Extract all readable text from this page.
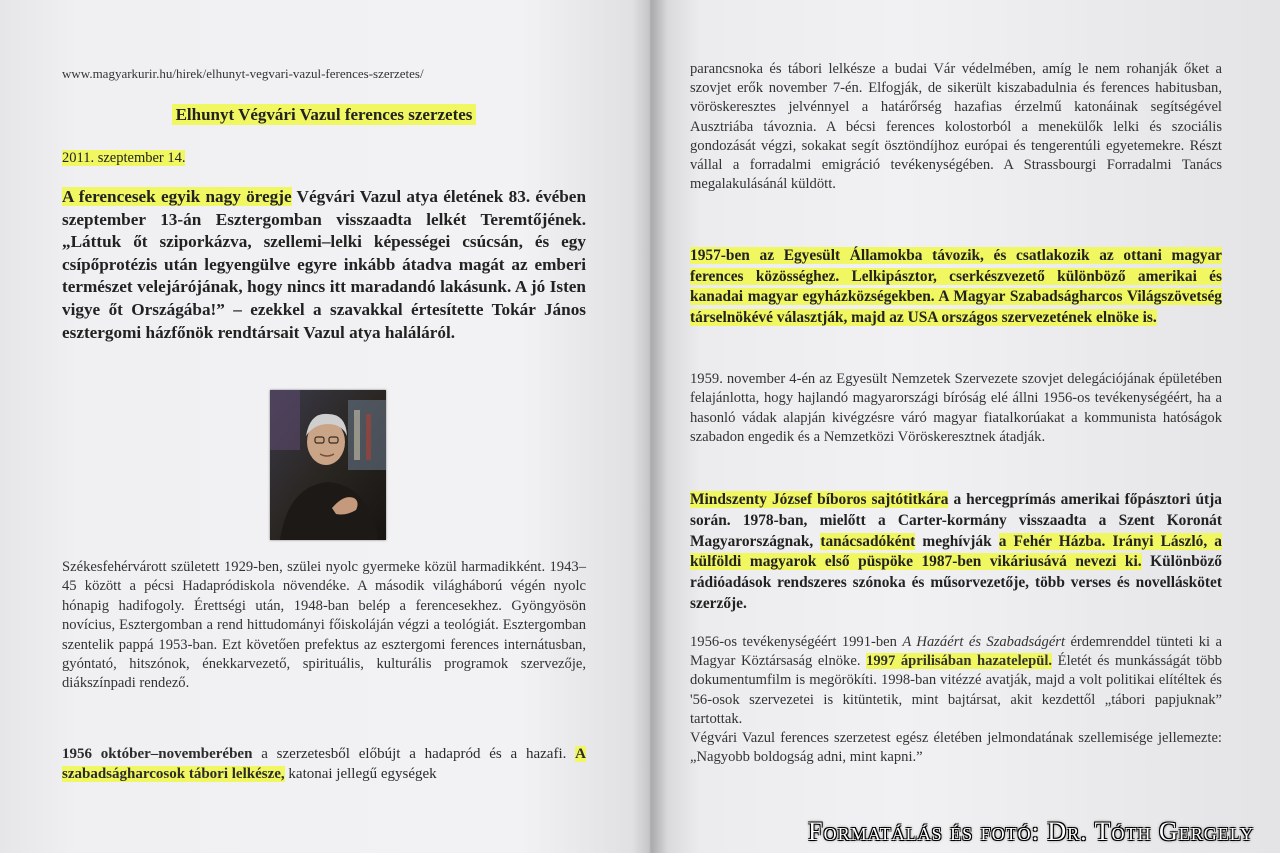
www.magyarkurir.hu/hirek/elhunyt-vegvari-vazul-ferences-szerzetes/
Elhunyt Végvári Vazul ferences szerzetes
2011. szeptember 14.

A ferencesek egyik nagy öregje Végvári Vazul atya életének 83. évében szeptember 13-án Esztergomban visszaadta lelkét Teremtőjének. „Láttuk őt sziporkázva, szellemi–lelki képességei csúcsán, és egy csípőprotézis után legyengülve egyre inkább átadva magát az emberi természet velejárójának, hogy nincs itt maradandó lakásunk. A jó Isten vigye őt Országába!” – ezekkel a szavakkal értesítette Tokár János esztergomi házfőnök rendtársait Vazul atya haláláról.

Székesfehérvárott született 1929-ben, szülei nyolc gyermeke közül harmadikként. 1943–45 között a pécsi Hadapródiskola növendéke. A második világháború végén nyolc hónapig hadifogoly. Érettségi után, 1948-ban belép a ferencesekhez. Gyöngyösön novícius, Esztergomban a rend hittudományi főiskoláján végzi a teológiát. Esztergomban szentelik pappá 1953-ban. Ezt követően prefektus az esztergomi ferences internátusban, gyóntató, hitszónok, énekkarvezető, spirituális, kulturális programok szervezője, diákszínpadi rendező.

1956 október–novemberében a szerzetesből előbújt a hadapród és a hazafi. A szabadságharcosok tábori lelkésze, katonai jellegű egységek

parancsnoka és tábori lelkésze a budai Vár védelmében, amíg le nem rohanják őket a szovjet erők november 7-én. Elfogják, de sikerült kiszabadulnia és ferences habitusban, vöröskeresztes jelvénnyel a határőrség hazafias érzelmű katonáinak segítségével Ausztriába távoznia. A bécsi ferences kolostorból a menekülők lelki és szociális gondozását végzi, sokakat segít ösztöndíjhoz európai és tengerentúli egyetemekre. Részt vállal a forradalmi emigráció tevékenységében. A Strassbourgi Forradalmi Tanács megalakulásánál küldött.

1957-ben az Egyesült Államokba távozik, és csatlakozik az ottani magyar ferences közösséghez. Lelkipásztor, cserkészvezető különböző amerikai és kanadai magyar egyházközségekben. A Magyar Szabadságharcos Világszövetség társelnökévé választják, majd az USA országos szervezetének elnöke is.

1959. november 4-én az Egyesült Nemzetek Szervezete szovjet delegációjának épületében felajánlotta, hogy hajlandó magyarországi bíróság elé állni 1956-os tevékenységéért, ha a hasonló vádak alapján kivégzésre váró magyar fiatalkorúakat a kommunista hatóságok szabadon engedik és a Nemzetközi Vöröskeresztnek átadják.

Mindszenty József bíboros sajtótitkára a hercegprímás amerikai főpásztori útja során. 1978-ban, mielőtt a Carter-kormány visszaadta a Szent Koronát Magyarországnak, tanácsadóként meghívják a Fehér Házba. Irányi László, a külföldi magyarok első püspöke 1987-ben vikáriusává nevezi ki. Különböző rádióadások rendszeres szónoka és műsorvezetője, több verses és novelláskötet szerzője.

1956-os tevékenységéért 1991-ben A Hazáért és Szabadságért érdemrenddel tünteti ki a Magyar Köztársaság elnöke. 1997 áprilisában hazatelepül. Életét és munkásságát több dokumentumfilm is megörökíti. 1998-ban vitézzé avatják, majd a volt politikai elítéltek és '56-osok szervezetei is kitüntetik, mint bajtársat, akit kezdettől „tábori papjuknak” tartottak.

Végvári Vazul ferences szerzetest egész életében jelmondatának szellemisége jellemezte: „Nagyobb boldogság adni, mint kapni.”

Formatálás és fotó: Dr. Tóth Gergely
